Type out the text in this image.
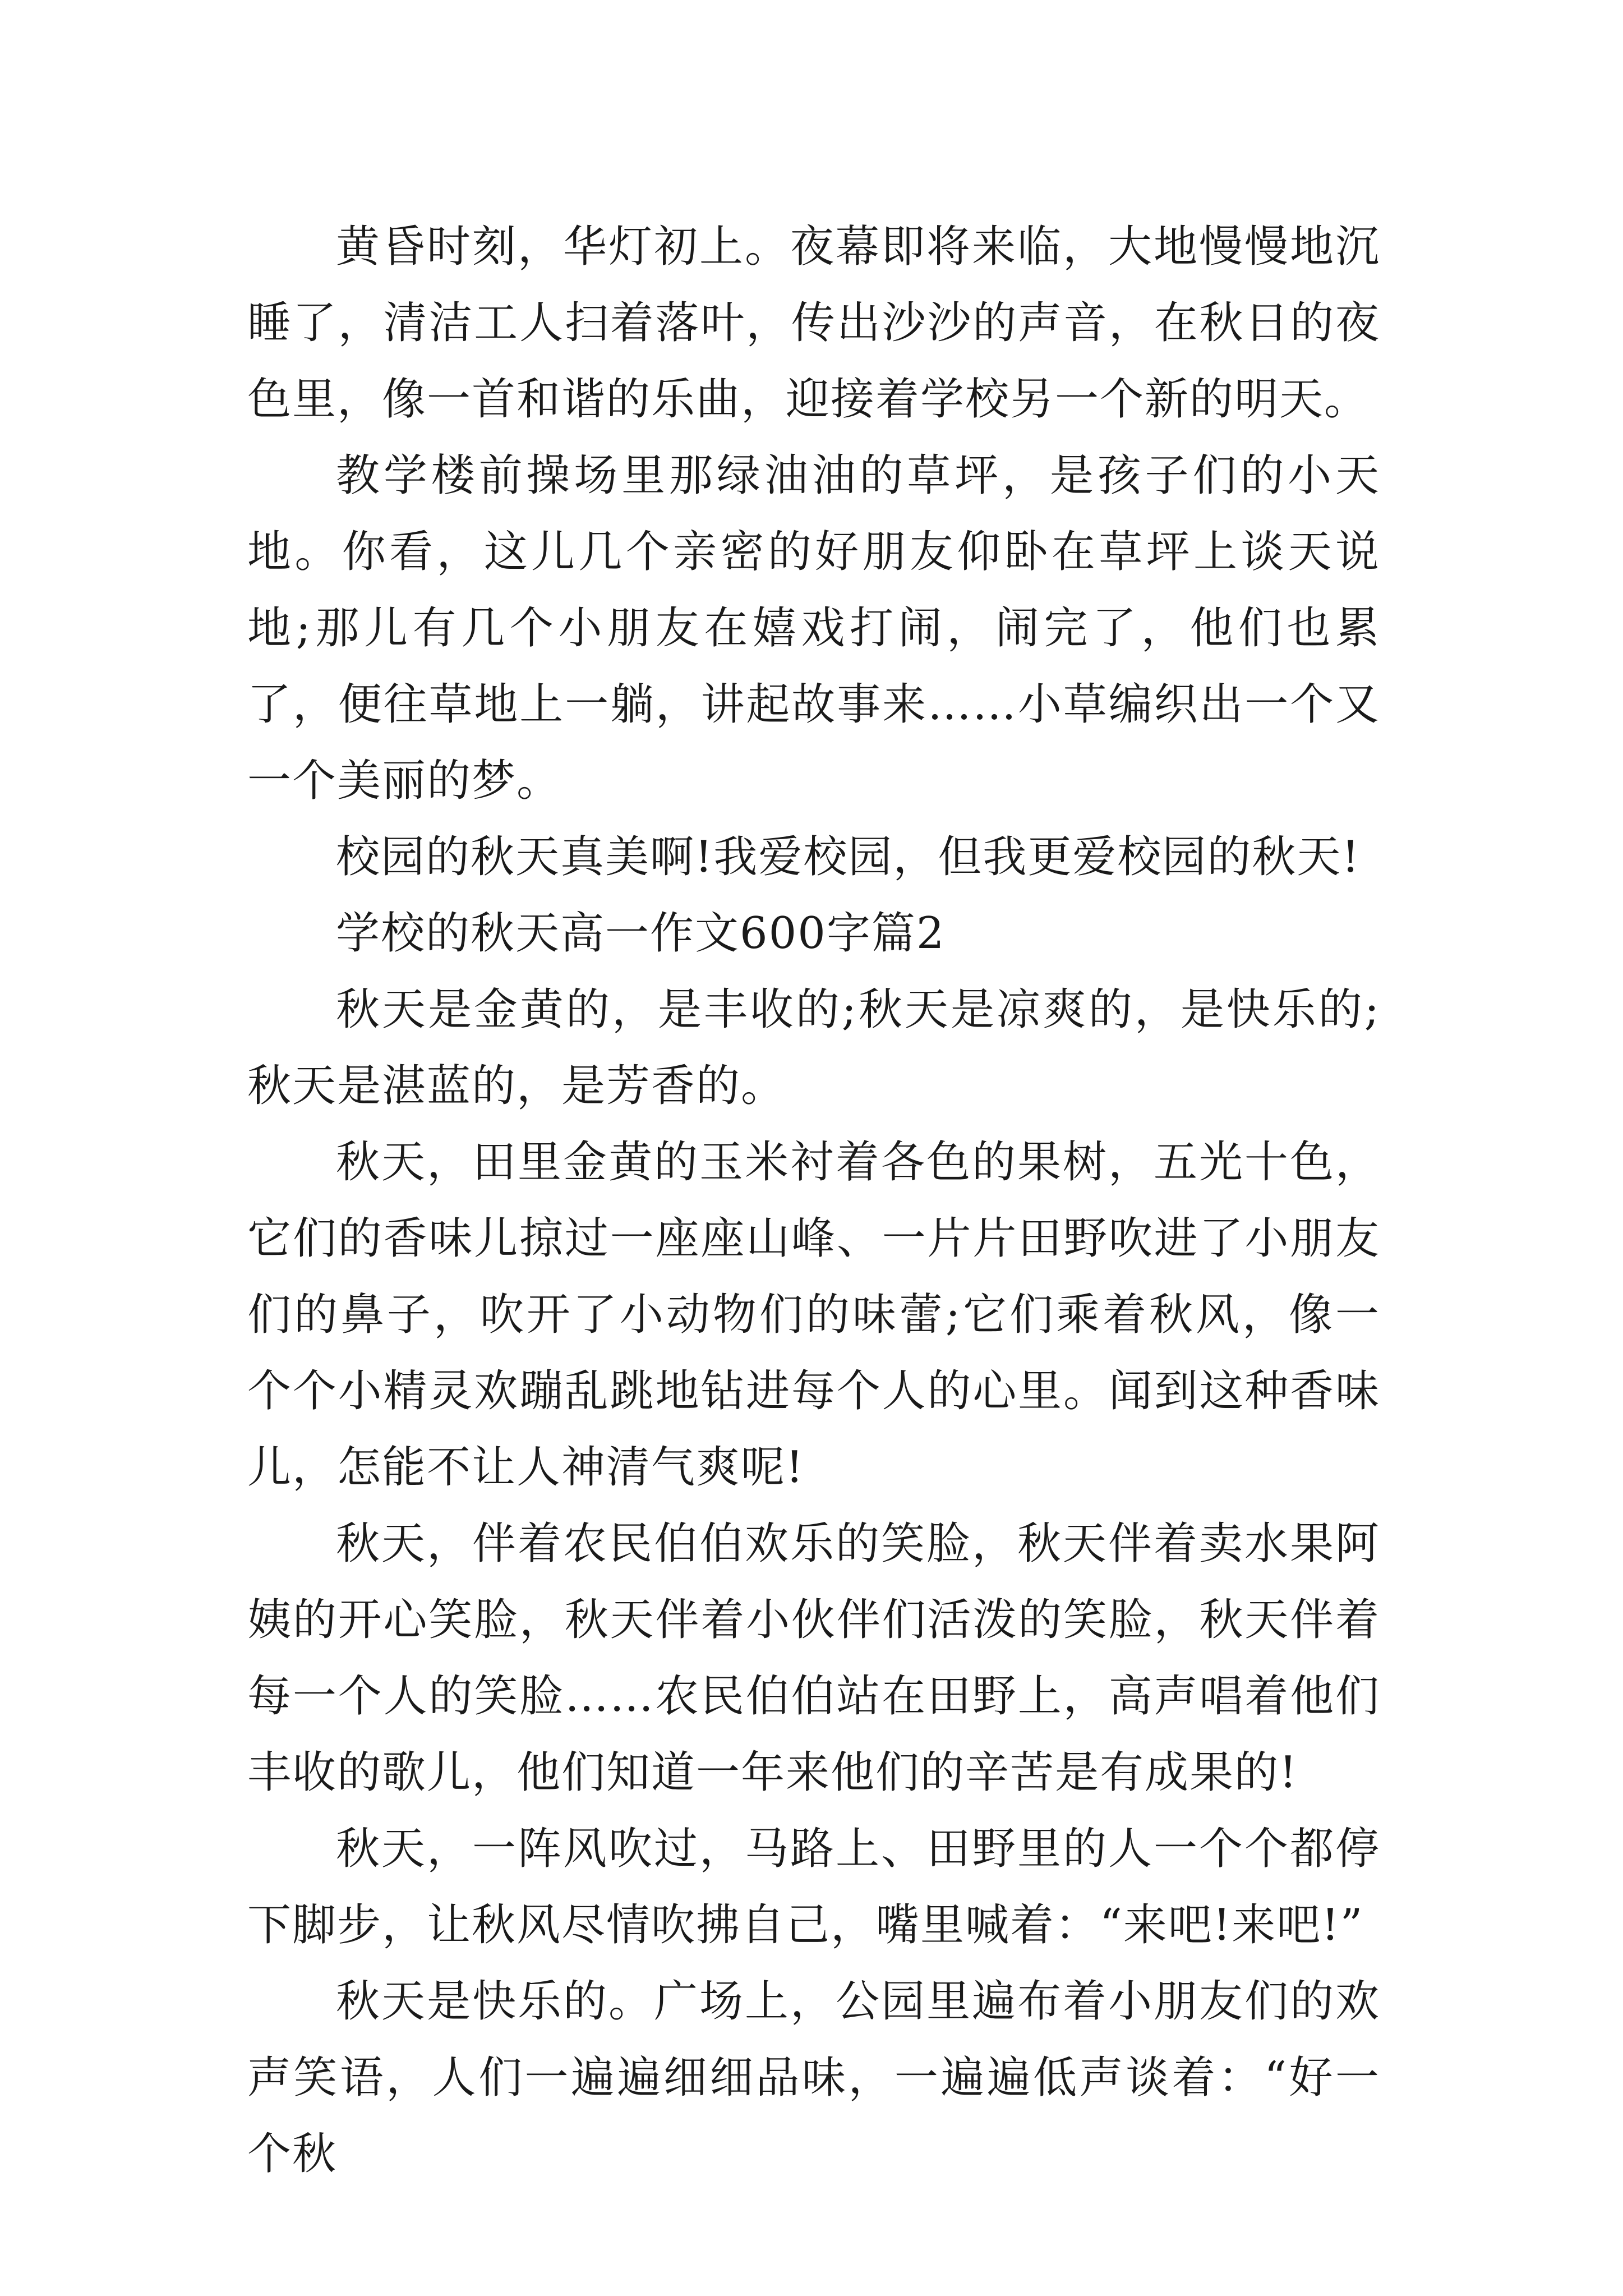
黄昏时刻，华灯初上。夜幕即将来临，大地慢慢地沉睡了，清洁工人扫着落叶，传出沙沙的声音，在秋日的夜色里，像一首和谐的乐曲，迎接着学校另一个新的明天。

教学楼前操场里那绿油油的草坪，是孩子们的小天地。你看，这儿几个亲密的好朋友仰卧在草坪上谈天说地;那儿有几个小朋友在嬉戏打闹，闹完了，他们也累了，便往草地上一躺，讲起故事来……小草编织出一个又一个美丽的梦。

校园的秋天真美啊!我爱校园，但我更爱校园的秋天!

学校的秋天高一作文600字篇2

秋天是金黄的，是丰收的;秋天是凉爽的，是快乐的;秋天是湛蓝的，是芳香的。

秋天，田里金黄的玉米衬着各色的果树，五光十色，它们的香味儿掠过一座座山峰、一片片田野吹进了小朋友们的鼻子，吹开了小动物们的味蕾;它们乘着秋风，像一个个小精灵欢蹦乱跳地钻进每个人的心里。闻到这种香味儿，怎能不让人神清气爽呢!

秋天，伴着农民伯伯欢乐的笑脸，秋天伴着卖水果阿姨的开心笑脸，秋天伴着小伙伴们活泼的笑脸，秋天伴着每一个人的笑脸……农民伯伯站在田野上，高声唱着他们丰收的歌儿，他们知道一年来他们的辛苦是有成果的!

秋天，一阵风吹过，马路上、田野里的人一个个都停下脚步，让秋风尽情吹拂自己，嘴里喊着：“来吧!来吧!”

秋天是快乐的。广场上，公园里遍布着小朋友们的欢声笑语，人们一遍遍细细品味，一遍遍低声谈着：“好一个秋
